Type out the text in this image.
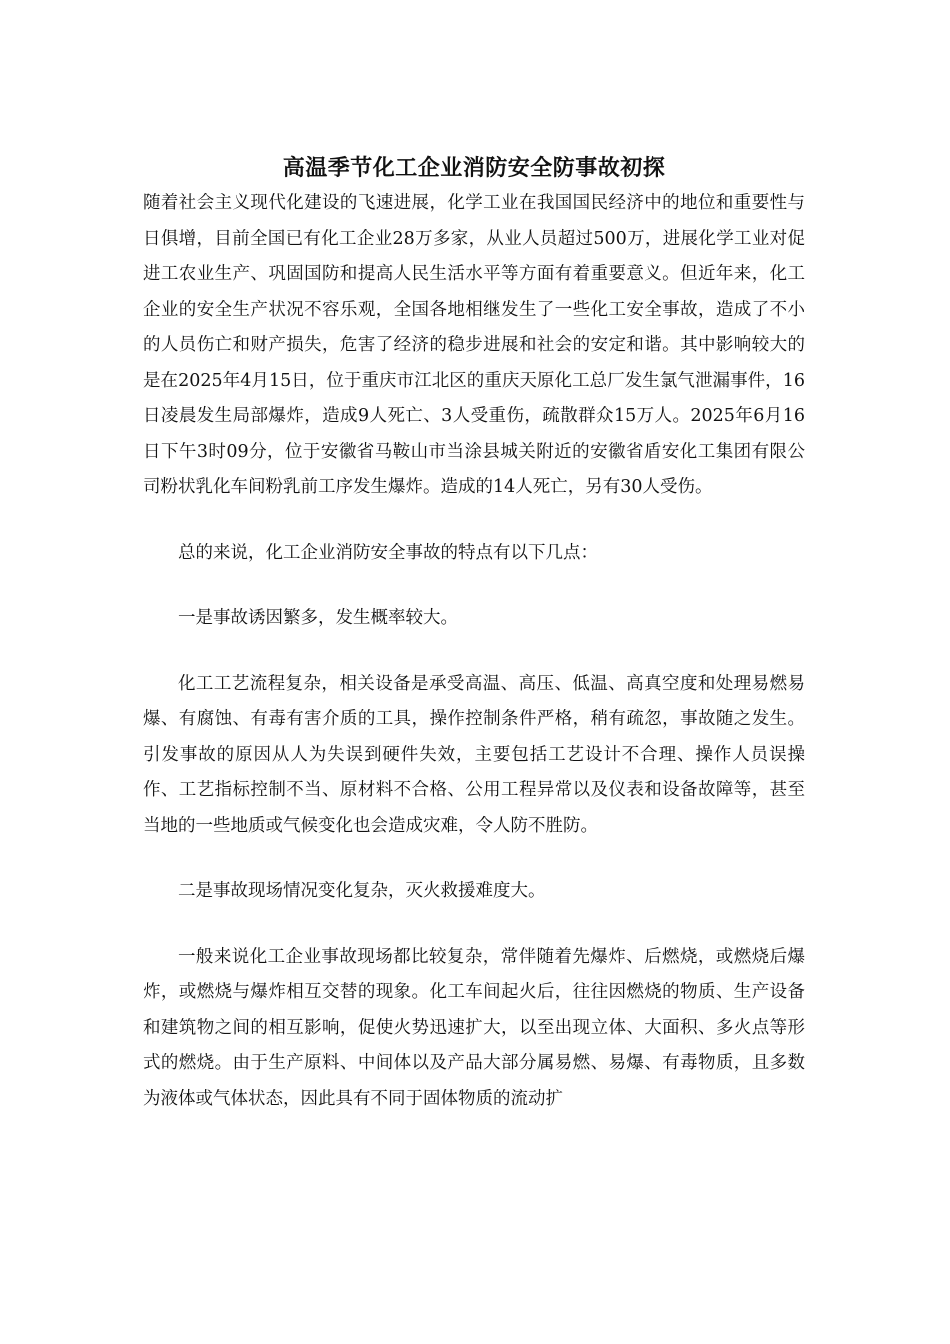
高温季节化工企业消防安全防事故初探

随着社会主义现代化建设的飞速进展，化学工业在我国国民经济中的地位和重要性与日俱增，目前全国已有化工企业28万多家，从业人员超过500万，进展化学工业对促进工农业生产、巩固国防和提高人民生活水平等方面有着重要意义。但近年来，化工企业的安全生产状况不容乐观，全国各地相继发生了一些化工安全事故，造成了不小的人员伤亡和财产损失，危害了经济的稳步进展和社会的安定和谐。其中影响较大的是在2025年4月15日，位于重庆市江北区的重庆天原化工总厂发生氯气泄漏事件，16日凌晨发生局部爆炸，造成9人死亡、3人受重伤，疏散群众15万人。2025年6月16日下午3时09分，位于安徽省马鞍山市当涂县城关附近的安徽省盾安化工集团有限公司粉状乳化车间粉乳前工序发生爆炸。造成的14人死亡，另有30人受伤。

总的来说，化工企业消防安全事故的特点有以下几点：

一是事故诱因繁多，发生概率较大。

化工工艺流程复杂，相关设备是承受高温、高压、低温、高真空度和处理易燃易爆、有腐蚀、有毒有害介质的工具，操作控制条件严格，稍有疏忽，事故随之发生。引发事故的原因从人为失误到硬件失效，主要包括工艺设计不合理、操作人员误操作、工艺指标控制不当、原材料不合格、公用工程异常以及仪表和设备故障等，甚至当地的一些地质或气候变化也会造成灾难，令人防不胜防。

二是事故现场情况变化复杂，灭火救援难度大。

一般来说化工企业事故现场都比较复杂，常伴随着先爆炸、后燃烧，或燃烧后爆炸，或燃烧与爆炸相互交替的现象。化工车间起火后，往往因燃烧的物质、生产设备和建筑物之间的相互影响，促使火势迅速扩大，以至出现立体、大面积、多火点等形式的燃烧。由于生产原料、中间体以及产品大部分属易燃、易爆、有毒物质，且多数为液体或气体状态，因此具有不同于固体物质的流动扩
